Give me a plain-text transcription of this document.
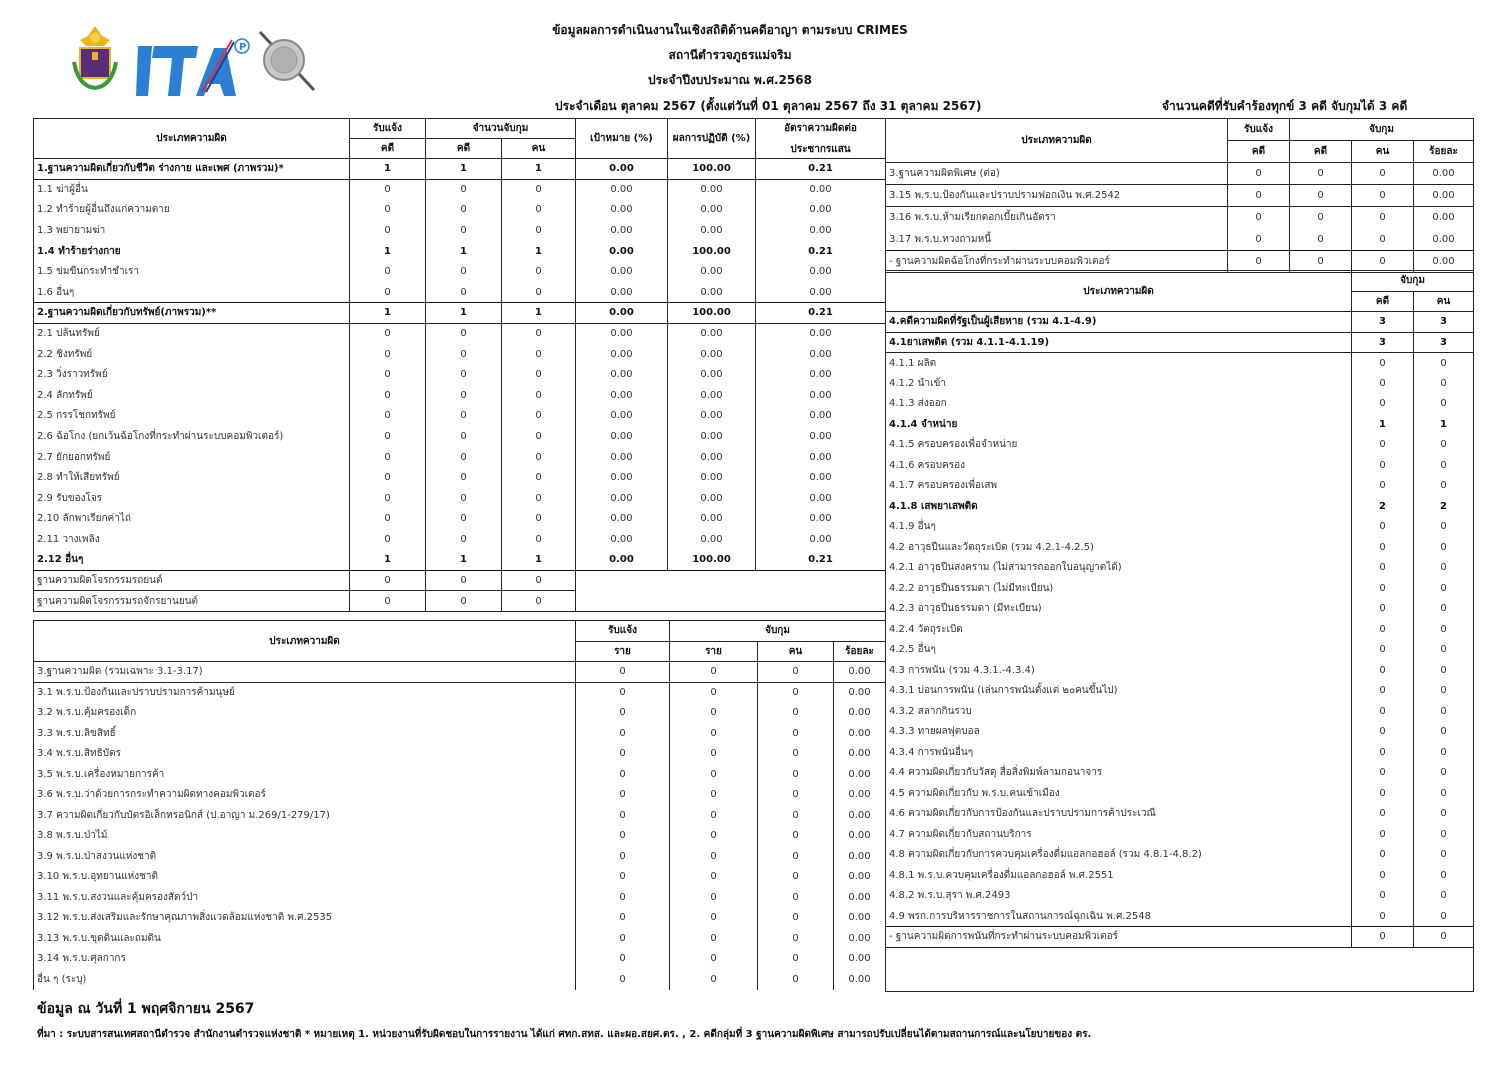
P
ข้อมูลผลการดำเนินงานในเชิงสถิติด้านคดีอาญา ตามระบบ CRIMES
สถานีตำรวจภูธรแม่จริม
ประจำปีงบประมาณ พ.ศ.2568
ประจำเดือน ตุลาคม 2567 (ตั้งแต่วันที่ 01 ตุลาคม 2567 ถึง 31 ตุลาคม 2567)	จำนวนคดีที่รับคำร้องทุกข์ 3 คดี จับกุมได้ 3 คดี
ประเภทความผิด	รับแจ้ง	จำนวนจับกุม		เป้าหมาย (%)	ผลการปฏิบัติ (%)	อัตราความผิดต่อ
ประชากรแสน

	คดี	คดี	คน			
1.ฐานความผิดเกี่ยวกับชีวิต ร่างกาย และเพศ (ภาพรวม)*	1	1	1	0.00	100.00	0.21
1.1 ฆ่าผู้อื่น	0	0	0	0.00	0.00	0.00
1.2 ทำร้ายผู้อื่นถึงแก่ความตาย	0	0	0	0.00	0.00	0.00
1.3 พยายามฆ่า	0	0	0	0.00	0.00	0.00
1.4 ทำร้ายร่างกาย	1	1	1	0.00	100.00	0.21
1.5 ข่มขืนกระทำชำเรา	0	0	0	0.00	0.00	0.00
1.6 อื่นๆ	0	0	0	0.00	0.00	0.00
2.ฐานความผิดเกี่ยวกับทรัพย์(ภาพรวม)**	1	1	1	0.00	100.00	0.21
2.1 ปล้นทรัพย์	0	0	0	0.00	0.00	0.00
2.2 ชิงทรัพย์	0	0	0	0.00	0.00	0.00
2.3 วิ่งราวทรัพย์	0	0	0	0.00	0.00	0.00
2.4 ลักทรัพย์	0	0	0	0.00	0.00	0.00
2.5 กรรโชกทรัพย์	0	0	0	0.00	0.00	0.00
2.6 ฉ้อโกง (ยกเว้นฉ้อโกงที่กระทำผ่านระบบคอมพิวเตอร์)	0	0	0	0.00	0.00	0.00
2.7 ยักยอกทรัพย์	0	0	0	0.00	0.00	0.00
2.8 ทำให้เสียทรัพย์	0	0	0	0.00	0.00	0.00
2.9 รับของโจร	0	0	0	0.00	0.00	0.00
2.10 ลักพาเรียกค่าไถ่	0	0	0	0.00	0.00	0.00
2.11 วางเพลิง	0	0	0	0.00	0.00	0.00
2.12 อื่นๆ	1	1	1	0.00	100.00	0.21
ฐานความผิดโจรกรรมรถยนต์	0	0	0			
ฐานความผิดโจรกรรมรถจักรยานยนต์	0	0	0			
ประเภทความผิด	รับแจ้ง	จับกุม		
	ราย	ราย	คน	ร้อยละ
3.ฐานความผิด (รวมเฉพาะ 3.1-3.17)	0	0	0	0.00
3.1 พ.ร.บ.ป้องกันและปราบปรามการค้ามนุษย์	0	0	0	0.00
3.2 พ.ร.บ.คุ้มครองเด็ก	0	0	0	0.00
3.3 พ.ร.บ.ลิขสิทธิ์	0	0	0	0.00
3.4 พ.ร.บ.สิทธิบัตร	0	0	0	0.00
3.5 พ.ร.บ.เครื่องหมายการค้า	0	0	0	0.00
3.6 พ.ร.บ.ว่าด้วยการกระทำความผิดทางคอมพิวเตอร์	0	0	0	0.00
3.7 ความผิดเกี่ยวกับบัตรอิเล็กทรอนิกส์ (ป.อาญา ม.269/1-279/17)	0	0	0	0.00
3.8 พ.ร.บ.ป่าไม้	0	0	0	0.00
3.9 พ.ร.บ.ป่าสงวนแห่งชาติ	0	0	0	0.00
3.10 พ.ร.บ.อุทยานแห่งชาติ	0	0	0	0.00
3.11 พ.ร.บ.สงวนและคุ้มครองสัตว์ป่า	0	0	0	0.00
3.12 พ.ร.บ.ส่งเสริมและรักษาคุณภาพสิ่งแวดล้อมแห่งชาติ พ.ศ.2535	0	0	0	0.00
3.13 พ.ร.บ.ขุดดินและถมดิน	0	0	0	0.00
3.14 พ.ร.บ.ศุลกากร	0	0	0	0.00
อื่น ๆ (ระบุ)	0	0	0	0.00
ประเภทความผิด	รับแจ้ง	จับกุม		
	คดี	คดี	คน	ร้อยละ
3.ฐานความผิดพิเศษ (ต่อ)	0	0	0	0.00
3.15 พ.ร.บ.ป้องกันและปราบปรามฟอกเงิน พ.ศ.2542	0	0	0	0.00
3.16 พ.ร.บ.ห้ามเรียกดอกเบี้ยเกินอัตรา	0	0	0	0.00
3.17 พ.ร.บ.ทวงถามหนี้	0	0	0	0.00
- ฐานความผิดฉ้อโกงที่กระทำผ่านระบบคอมพิวเตอร์	0	0	0	0.00
ประเภทความผิด	จับกุม	
	คดี	คน
4.คดีความผิดที่รัฐเป็นผู้เสียหาย (รวม 4.1-4.9)	3	3
4.1ยาเสพติด (รวม 4.1.1-4.1.19)	3	3
4.1.1 ผลิต	0	0
4.1.2 นำเข้า	0	0
4.1.3 ส่งออก	0	0
4.1.4 จำหน่าย	1	1
4.1.5 ครอบครองเพื่อจำหน่าย	0	0
4.1.6 ครอบครอง	0	0
4.1.7 ครอบครองเพื่อเสพ	0	0
4.1.8 เสพยาเสพติด	2	2
4.1.9 อื่นๆ	0	0
4.2 อาวุธปืนและวัตถุระเบิด (รวม 4.2.1-4.2.5)	0	0
4.2.1 อาวุธปืนสงคราม (ไม่สามารถออกใบอนุญาตได้)	0	0
4.2.2 อาวุธปืนธรรมดา (ไม่มีทะเบียน)	0	0
4.2.3 อาวุธปืนธรรมดา (มีทะเบียน)	0	0
4.2.4 วัตถุระเบิด	0	0
4.2.5 อื่นๆ	0	0
4.3 การพนัน (รวม 4.3.1.-4.3.4)	0	0
4.3.1 บ่อนการพนัน (เล่นการพนันตั้งแต่ ๒๐คนขึ้นไป)	0	0
4.3.2 สลากกินรวบ	0	0
4.3.3 ทายผลฟุตบอล	0	0
4.3.4 การพนันอื่นๆ	0	0
4.4 ความผิดเกี่ยวกับวัสดุ สื่อสิ่งพิมพ์ลามกอนาจาร	0	0
4.5 ความผิดเกี่ยวกับ พ.ร.บ.คนเข้าเมือง	0	0
4.6 ความผิดเกี่ยวกับการป้องกันและปราบปรามการค้าประเวณี	0	0
4.7 ความผิดเกี่ยวกับสถานบริการ	0	0
4.8 ความผิดเกี่ยวกับการควบคุมเครื่องดื่มแอลกอฮอล์ (รวม 4.8.1-4.8.2)	0	0
4.8.1 พ.ร.บ.ควบคุมเครื่องดื่มแอลกอฮอล์ พ.ศ.2551	0	0
4.8.2 พ.ร.บ.สุรา พ.ศ.2493	0	0
4.9 พรก.การบริหารราชการในสถานการณ์ฉุกเฉิน พ.ศ.2548	0	0
- ฐานความผิดการพนันที่กระทำผ่านระบบคอมพิวเตอร์	0	0

ข้อมูล ณ วันที่ 1 พฤศจิกายน 2567
ที่มา : ระบบสารสนเทศสถานีตำรวจ สำนักงานตำรวจแห่งชาติ * หมายเหตุ 1. หน่วยงานที่รับผิดชอบในการรายงาน ได้แก่ ศทก.สทส. และผอ.สยศ.ตร. , 2. คดีกลุ่มที่ 3 ฐานความผิดพิเศษ สามารถปรับเปลี่ยนได้ตามสถานการณ์และนโยบายของ ตร.
